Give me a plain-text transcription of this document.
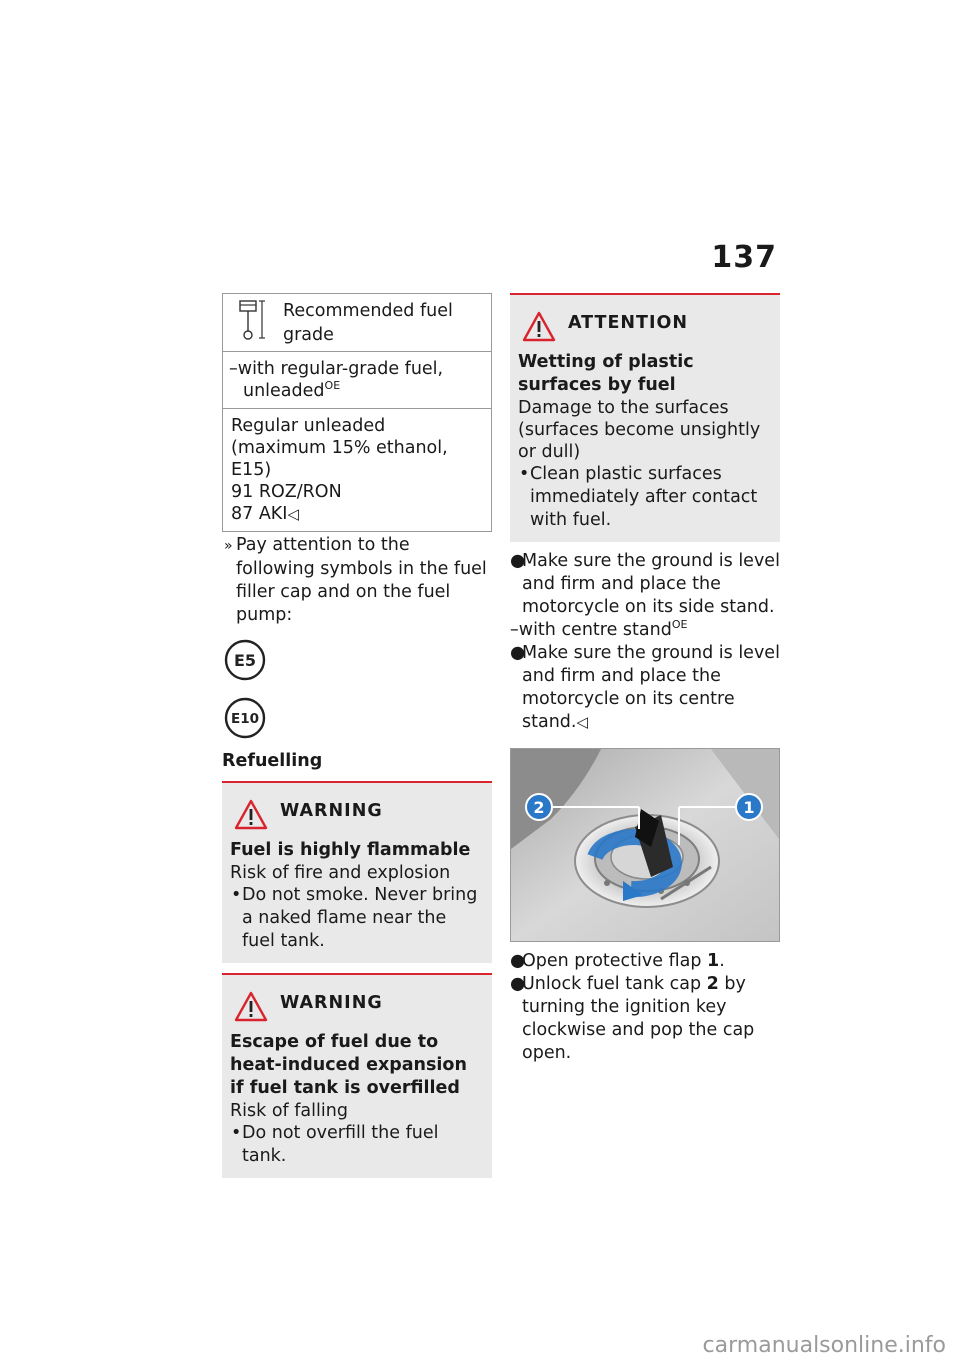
137
Recommended fuel grade
–with regular-grade fuel, unleaded$^{OE}$
Regular unleaded (maximum 15% ethanol, E15)
91 ROZ/RON
87 AKI◁
» Pay attention to the following symbols in the fuel filler cap and on the fuel pump:
E5

E10
Refuelling
WARNING
Fuel is highly flammable
Risk of fire and explosion
•Do not smoke. Never bring a naked flame near the fuel tank.
WARNING
Escape of fuel due to heat-induced expansion if fuel tank is overfilled
Risk of falling
•Do not overfill the fuel tank.
ATTENTION
Wetting of plastic surfaces by fuel
Damage to the surfaces (surfaces become unsightly or dull)
•Clean plastic surfaces immediately after contact with fuel.
●Make sure the ground is level and firm and place the motorcycle on its side stand.
–with centre stand$^{OE}$
●Make sure the ground is level and firm and place the motorcycle on its centre stand.◁
2	1
●Open protective flap 1.
●Unlock fuel tank cap 2 by turning the ignition key clockwise and pop the cap open.
carmanualsonline.info
